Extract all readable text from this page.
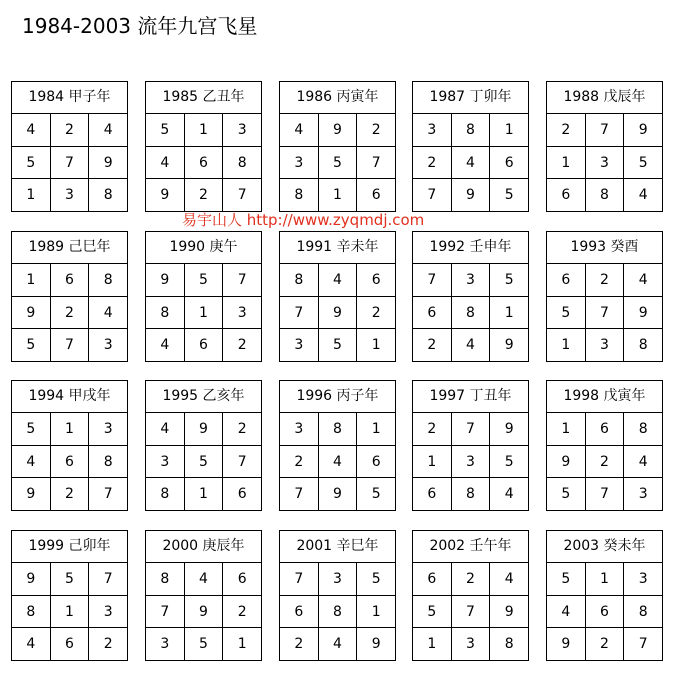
1984-2003 流年九宫飞星
1984 甲子年
4	2	4
5	7	9
1	3	8
1985 乙丑年
5	1	3
4	6	8
9	2	7
1986 丙寅年
4	9	2
3	5	7
8	1	6
1987 丁卯年
3	8	1
2	4	6
7	9	5
1988 戊辰年
2	7	9
1	3	5
6	8	4
1989 己巳年
1	6	8
9	2	4
5	7	3
1990 庚午
9	5	7
8	1	3
4	6	2
1991 辛未年
8	4	6
7	9	2
3	5	1
1992 壬申年
7	3	5
6	8	1
2	4	9
1993 癸酉
6	2	4
5	7	9
1	3	8
1994 甲戌年
5	1	3
4	6	8
9	2	7
1995 乙亥年
4	9	2
3	5	7
8	1	6
1996 丙子年
3	8	1
2	4	6
7	9	5
1997 丁丑年
2	7	9
1	3	5
6	8	4
1998 戊寅年
1	6	8
9	2	4
5	7	3
1999 己卯年
9	5	7
8	1	3
4	6	2
2000 庚辰年
8	4	6
7	9	2
3	5	1
2001 辛巳年
7	3	5
6	8	1
2	4	9
2002 壬午年
6	2	4
5	7	9
1	3	8
2003 癸未年
5	1	3
4	6	8
9	2	7
易宇山人 http://www.zyqmdj.com
